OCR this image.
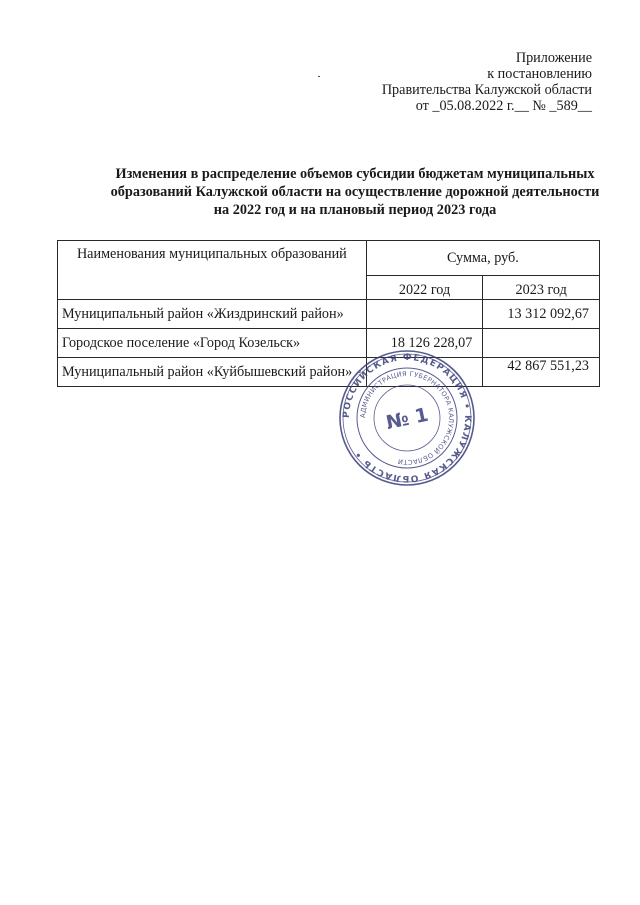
Приложение
к постановлению
Правительства Калужской области
от _05.08.2022 г.__ № _589__
Изменения в распределение объемов субсидии бюджетам муниципальных
образований Калужской области на осуществление дорожной деятельности
на 2022 год и на плановый период 2023 года
Наименования муниципальных образований	Сумма, руб.	
	2022 год	2023 год
Муниципальный район «Жиздринский район»		13 312 092,67
Городское поселение «Город Козельск»	18 126 228,07	
Муниципальный район «Куйбышевский район»		42 867 551,23
РОССИЙСКАЯ ФЕДЕРАЦИЯ • КАЛУЖСКАЯ ОБЛАСТЬ •
АДМИНИСТРАЦИЯ ГУБЕРНАТОРА КАЛУЖСКОЙ ОБЛАСТИ
№ 1
